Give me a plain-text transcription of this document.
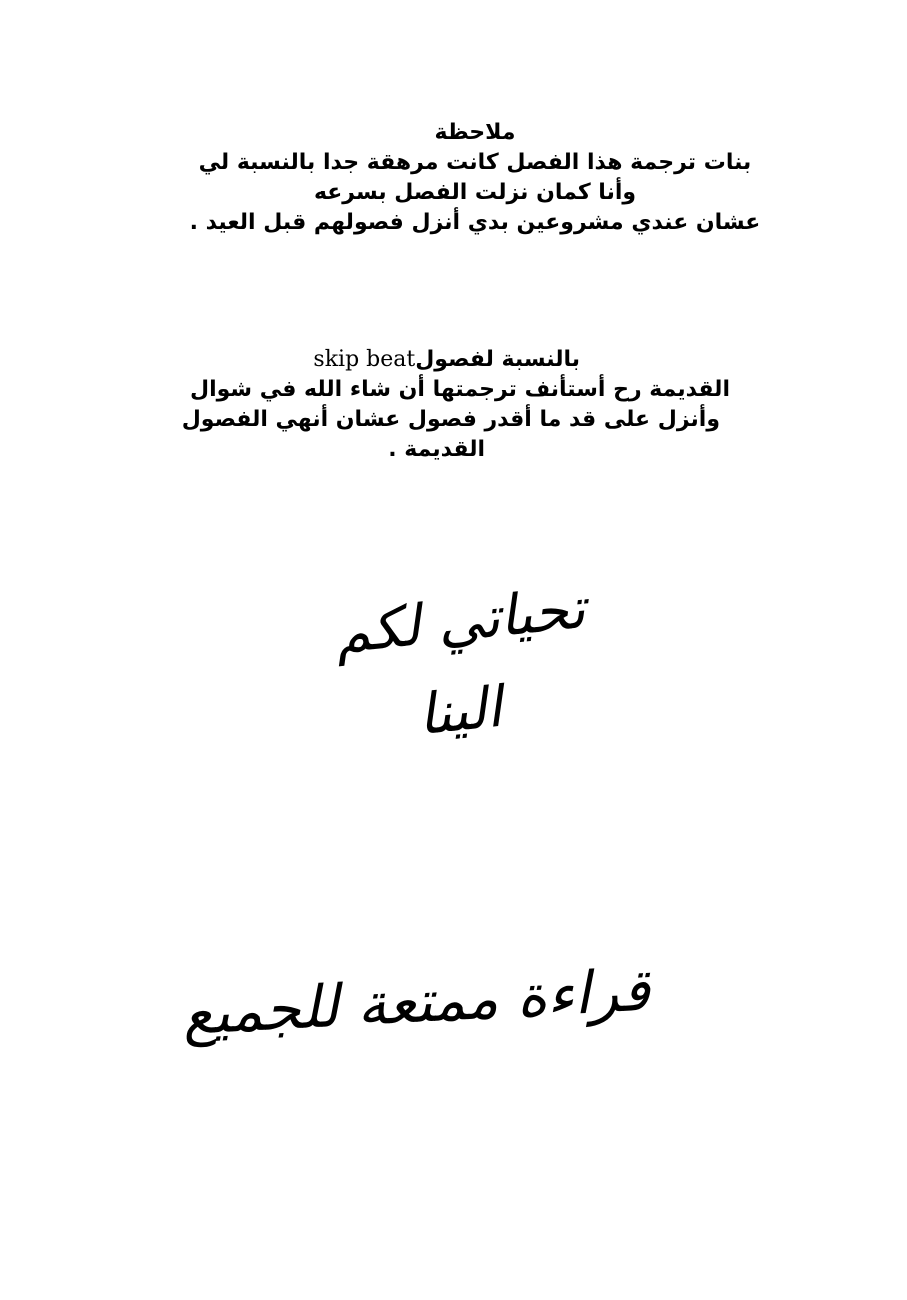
ملاحظة
بنات ترجمة هذا الفصل كانت مرهقة جدا بالنسبة لي
وأنا كمان نزلت الفصل بسرعه
عشان عندي مشروعين بدي أنزل فصولهم قبل العيد .
بالنسبة لفصولskip beat
القديمة رح أستأنف ترجمتها أن شاء الله في شوال
وأنزل على قد ما أقدر فصول عشان أنهي الفصول
القديمة .
تحياتي لكم
الينا
قراءة ممتعة للجميع
